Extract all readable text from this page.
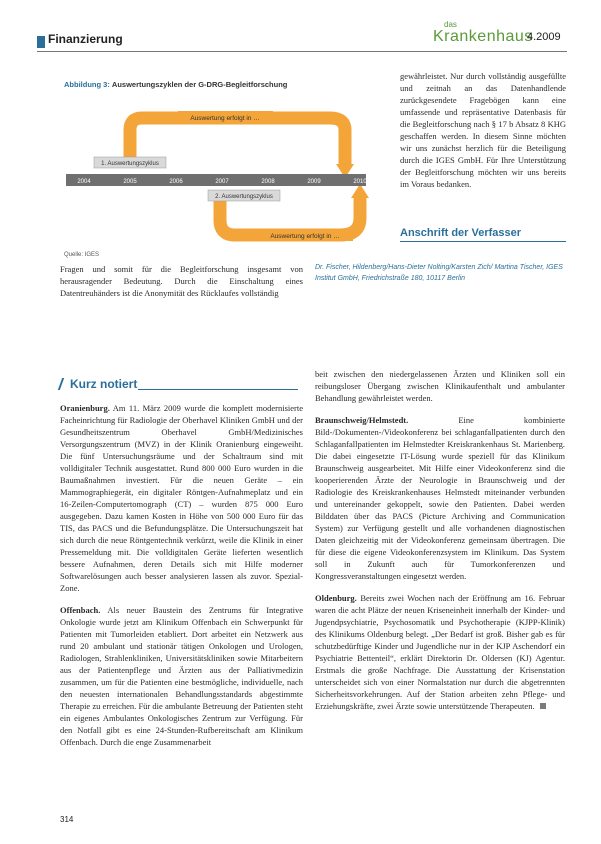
Finanzierung
das
Krankenhaus
4.2009
Abbildung 3: Auswertungszyklen der G-DRG-Begleitforschung
2004	2005	2006	2007	2008	2009	2010
Auswertung erfolgt in …
1. Auswertungszyklus
2. Auswertungszyklus
Auswertung erfolgt in …
Quelle: IGES

gewährleistet. Nur durch vollständig ausgefüllte und zeitnah an das Datenhandlende zurückgesendete Fragebögen kann eine umfassende und repräsentative Datenbasis für die Begleitforschung nach § 17 b Absatz 8 KHG geschaffen werden. In diesem Sinne möchten wir uns zunächst herzlich für die Beteiligung durch die IGES GmbH. Für Ihre Unterstützung der Begleitforschung möchten wir uns bereits im Voraus bedanken.

Anschrift der Verfasser

Fragen und somit für die Begleitforschung insgesamt von herausragender Bedeutung. Durch die Einschaltung eines Datentreuhänders ist die Anonymität des Rücklaufes vollständig

Dr. Fischer, Hildenberg/Hans-Dieter Nolting/Karsten Zich/ Martina Tischer, IGES Institut GmbH, Friedrichstraße 180, 10117 Berlin
Kurz notiert

Oranienburg. Am 11. März 2009 wurde die komplett modernisierte Facheinrichtung für Radiologie der Oberhavel Kliniken GmbH und der Gesundheitszentrum Oberhavel GmbH/Medizinisches Versorgungszentrum (MVZ) in der Klinik Oranienburg eingeweiht. Die fünf Untersuchungsräume und der Schaltraum sind mit volldigitaler Technik ausgestattet. Rund 800 000 Euro wurden in die Baumaßnahmen investiert. Für die neuen Geräte – ein Mammographiegerät, ein digitaler Röntgen-Aufnahmeplatz und ein 16-Zeilen-Computertomograph (CT) – wurden 875 000 Euro ausgegeben. Dazu kamen Kosten in Höhe von 500 000 Euro für das TIS, das PACS und die Befundungsplätze. Die Untersuchungszeit hat sich durch die neue Röntgentechnik verkürzt, weile die Klinik in einer Pressemeldung mit. Die volldigitalen Geräte lieferten wesentlich bessere Aufnahmen, deren Details sich mit Hilfe moderner Softwarelösungen auch besser analysieren lassen als zuvor. Spezial-Zone.

Offenbach. Als neuer Baustein des Zentrums für Integrative Onkologie wurde jetzt am Klinikum Offenbach ein Schwerpunkt für Patienten mit Tumorleiden etabliert. Dort arbeitet ein Netzwerk aus rund 20 ambulant und stationär tätigen Onkologen und Urologen, Radiologen, Strahlenkliniken, Universitätskliniken sowie Mitarbeitern aus der Patientenpflege und Ärzten aus der Palliativmedizin zusammen, um für die Patienten eine bestmögliche, individuelle, nach den neuesten internationalen Behandlungsstandards abgestimmte Therapie zu erreichen. Für die ambulante Betreuung der Patienten steht ein eigenes Ambulantes Onkologisches Zentrum zur Verfügung. Für den Notfall gibt es eine 24-Stunden-Rufbereitschaft am Klinikum Offenbach. Durch die enge Zusammenarbeit

beit zwischen den niedergelassenen Ärzten und Kliniken soll ein reibungsloser Übergang zwischen Klinikaufenthalt und ambulanter Behandlung gewährleistet werden.

Braunschweig/Helmstedt.	Eine kombinierte Bild-/Dokumenten-/Videokonferenz bei schlaganfallpatienten durch den Schlaganfallpatienten im Helmstedter Kreiskrankenhaus St. Marienberg. Die dabei eingesetzte IT-Lösung wurde speziell für das Klinikum Braunschweig ausgearbeitet. Mit Hilfe einer Videokonferenz sind die kooperierenden Ärzte der Neurologie in Braunschweig und der Radiologie des Kreiskrankenhauses Helmstedt miteinander verbunden und untereinander gekoppelt, sowie den Patienten. Dabei werden Bilddaten über das PACS (Picture Archiving and Communication System) zur Verfügung gestellt und alle vorhandenen diagnostischen Daten gleichzeitig mit der Videokonferenz gemeinsam übertragen. Die für diese die eigene Videokonferenzsystem im Klinikum. Das System soll in Zukunft auch für Tumorkonferenzen und Kongressveranstaltungen eingesetzt werden.

Oldenburg. Bereits zwei Wochen nach der Eröffnung am 16. Februar waren die acht Plätze der neuen Kriseneinheit innerhalb der Kinder- und Jugendpsychiatrie, Psychosomatik und Psychotherapie (KJPP-Klinik) des Klinikums Oldenburg belegt. „Der Bedarf ist groß. Bisher gab es für schutzbedürftige Kinder und Jugendliche nur in der KJP Aschendorf ein Psychiatrie Bettenteil“, erklärt Direktorin Dr. Oldersen (KJ) Agentur. Erstmals die große Nachfrage. Die Ausstattung der Krisenstation unterscheidet sich von einer Normalstation nur durch die abgetrennten Sicherheitsvorkehrungen. Auf der Station arbeiten zehn Pflege- und Erziehungskräfte, zwei Ärzte sowie unterstützende Therapeuten.

314
